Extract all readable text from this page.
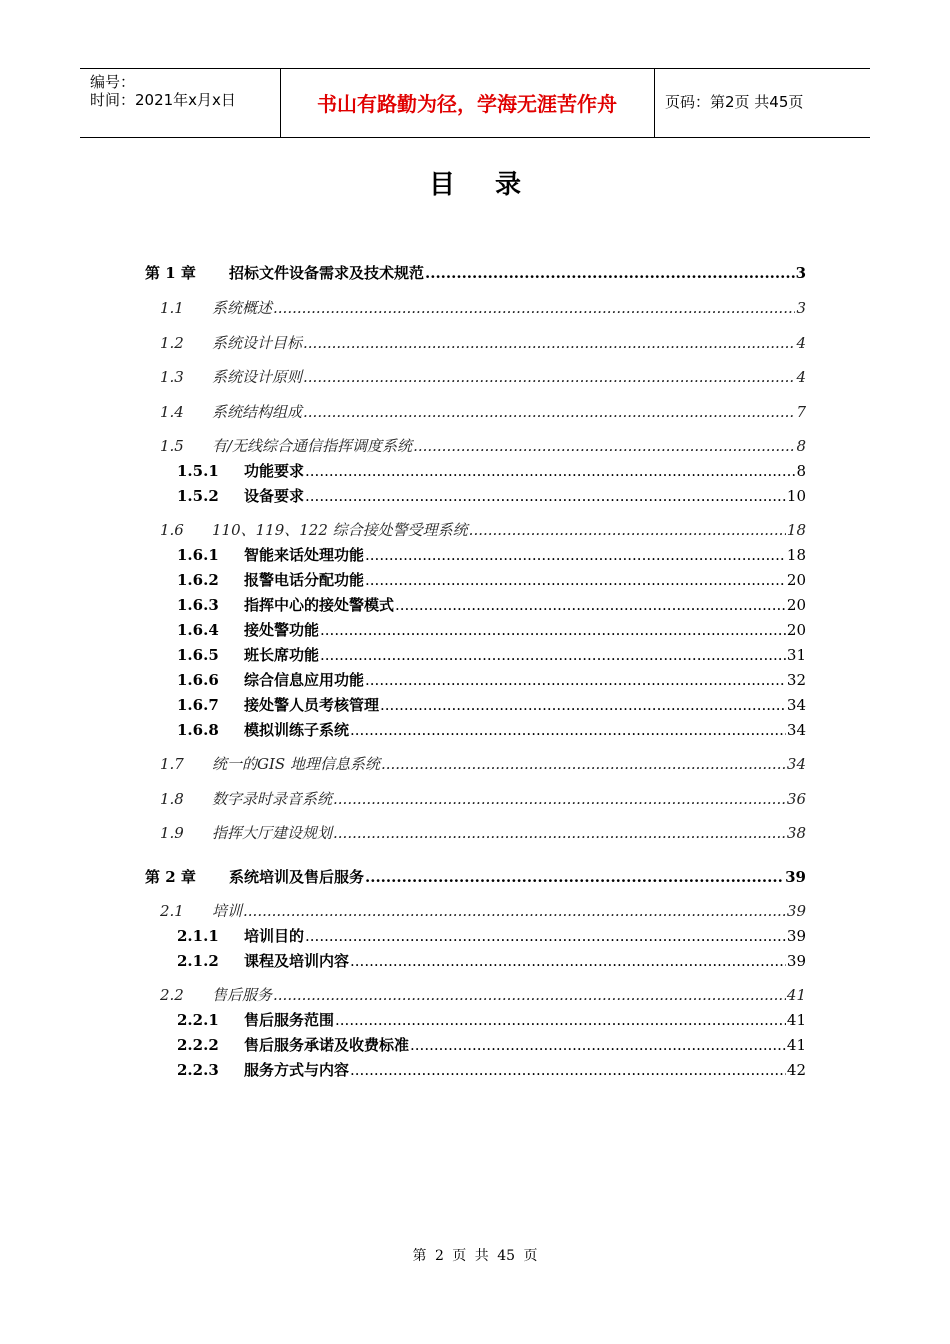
编号：
时间：2021年x月x日	书山有路勤为径，学海无涯苦作舟	页码：第2页 共45页
目录
第 1 章	招标文件设备需求及技术规范 .....	3
1.1	系统概述 .....	3
1.2	系统设计目标 .....	4
1.3	系统设计原则 .....	4
1.4	系统结构组成 .....	7
1.5	有/无线综合通信指挥调度系统 .....	8
1.5.1	功能要求 .....	8
1.5.2	设备要求 .....	10
1.6	110、119、122 综合接处警受理系统 .....	18
1.6.1	智能来话处理功能 .....	18
1.6.2	报警电话分配功能 .....	20
1.6.3	指挥中心的接处警模式 .....	20
1.6.4	接处警功能 .....	20
1.6.5	班长席功能 .....	31
1.6.6	综合信息应用功能 .....	32
1.6.7	接处警人员考核管理 .....	34
1.6.8	模拟训练子系统 .....	34
1.7	统一的GIS 地理信息系统 .....	34
1.8	数字录时录音系统 .....	36
1.9	指挥大厅建设规划 .....	38
第 2 章	系统培训及售后服务 .....	39
2.1	培训 .....	39
2.1.1	培训目的 .....	39
2.1.2	课程及培训内容 .....	39
2.2	售后服务 .....	41
2.2.1	售后服务范围 .....	41
2.2.2	售后服务承诺及收费标准 .....	41
2.2.3	服务方式与内容 .....	42
第 2 页 共 45 页
